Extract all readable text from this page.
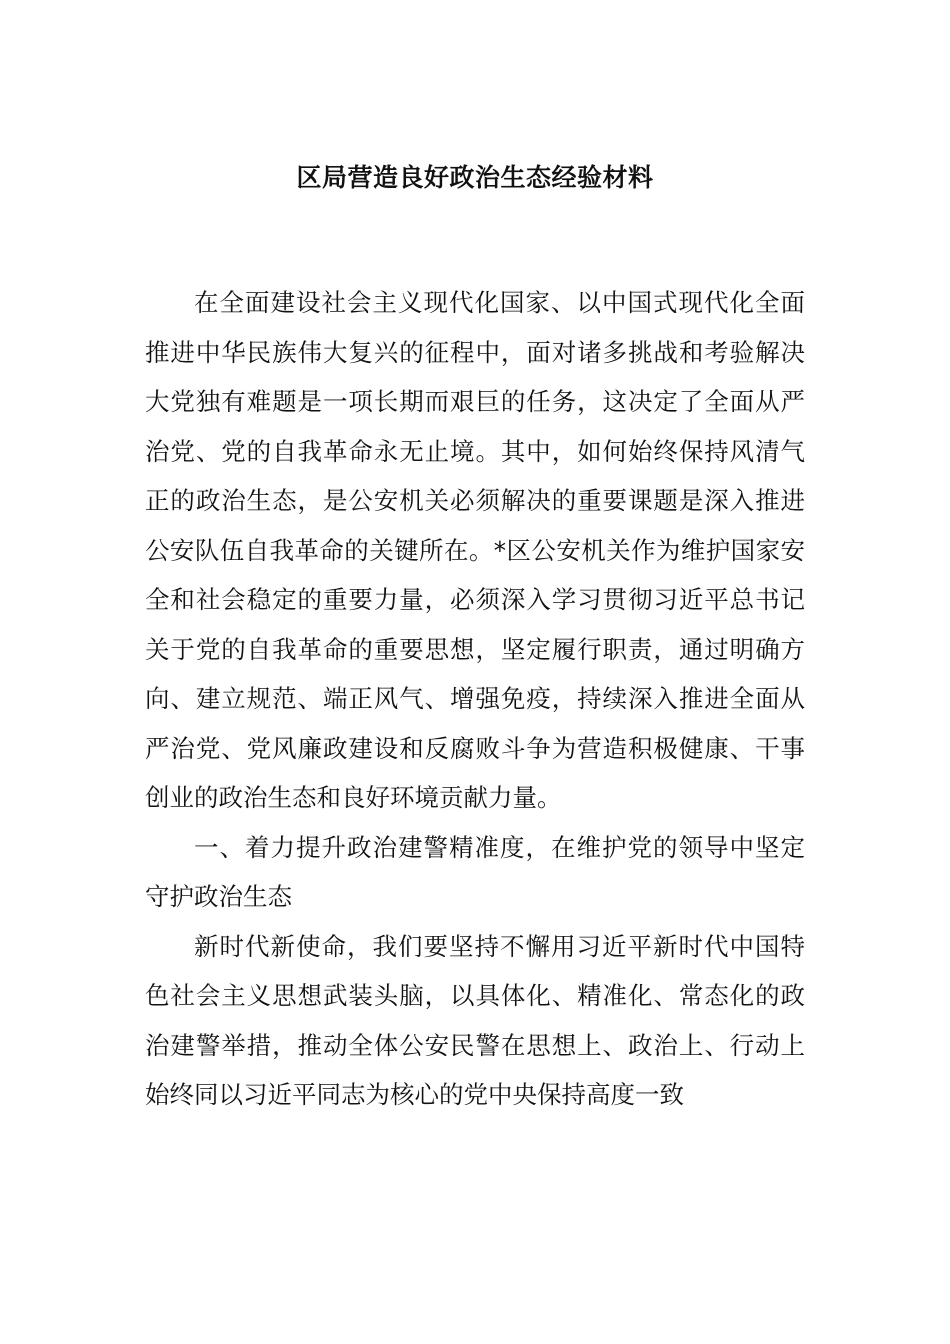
区局营造良好政治生态经验材料

在全面建设社会主义现代化国家、以中国式现代化全面推进中华民族伟大复兴的征程中，面对诸多挑战和考验解决大党独有难题是一项长期而艰巨的任务，这决定了全面从严治党、党的自我革命永无止境。其中，如何始终保持风清气正的政治生态，是公安机关必须解决的重要课题是深入推进公安队伍自我革命的关键所在。*区公安机关作为维护国家安全和社会稳定的重要力量，必须深入学习贯彻习近平总书记关于党的自我革命的重要思想，坚定履行职责，通过明确方向、建立规范、端正风气、增强免疫，持续深入推进全面从严治党、党风廉政建设和反腐败斗争为营造积极健康、干事创业的政治生态和良好环境贡献力量。

一、着力提升政治建警精准度，在维护党的领导中坚定守护政治生态

新时代新使命，我们要坚持不懈用习近平新时代中国特色社会主义思想武装头脑，以具体化、精准化、常态化的政治建警举措，推动全体公安民警在思想上、政治上、行动上始终同以习近平同志为核心的党中央保持高度一致
